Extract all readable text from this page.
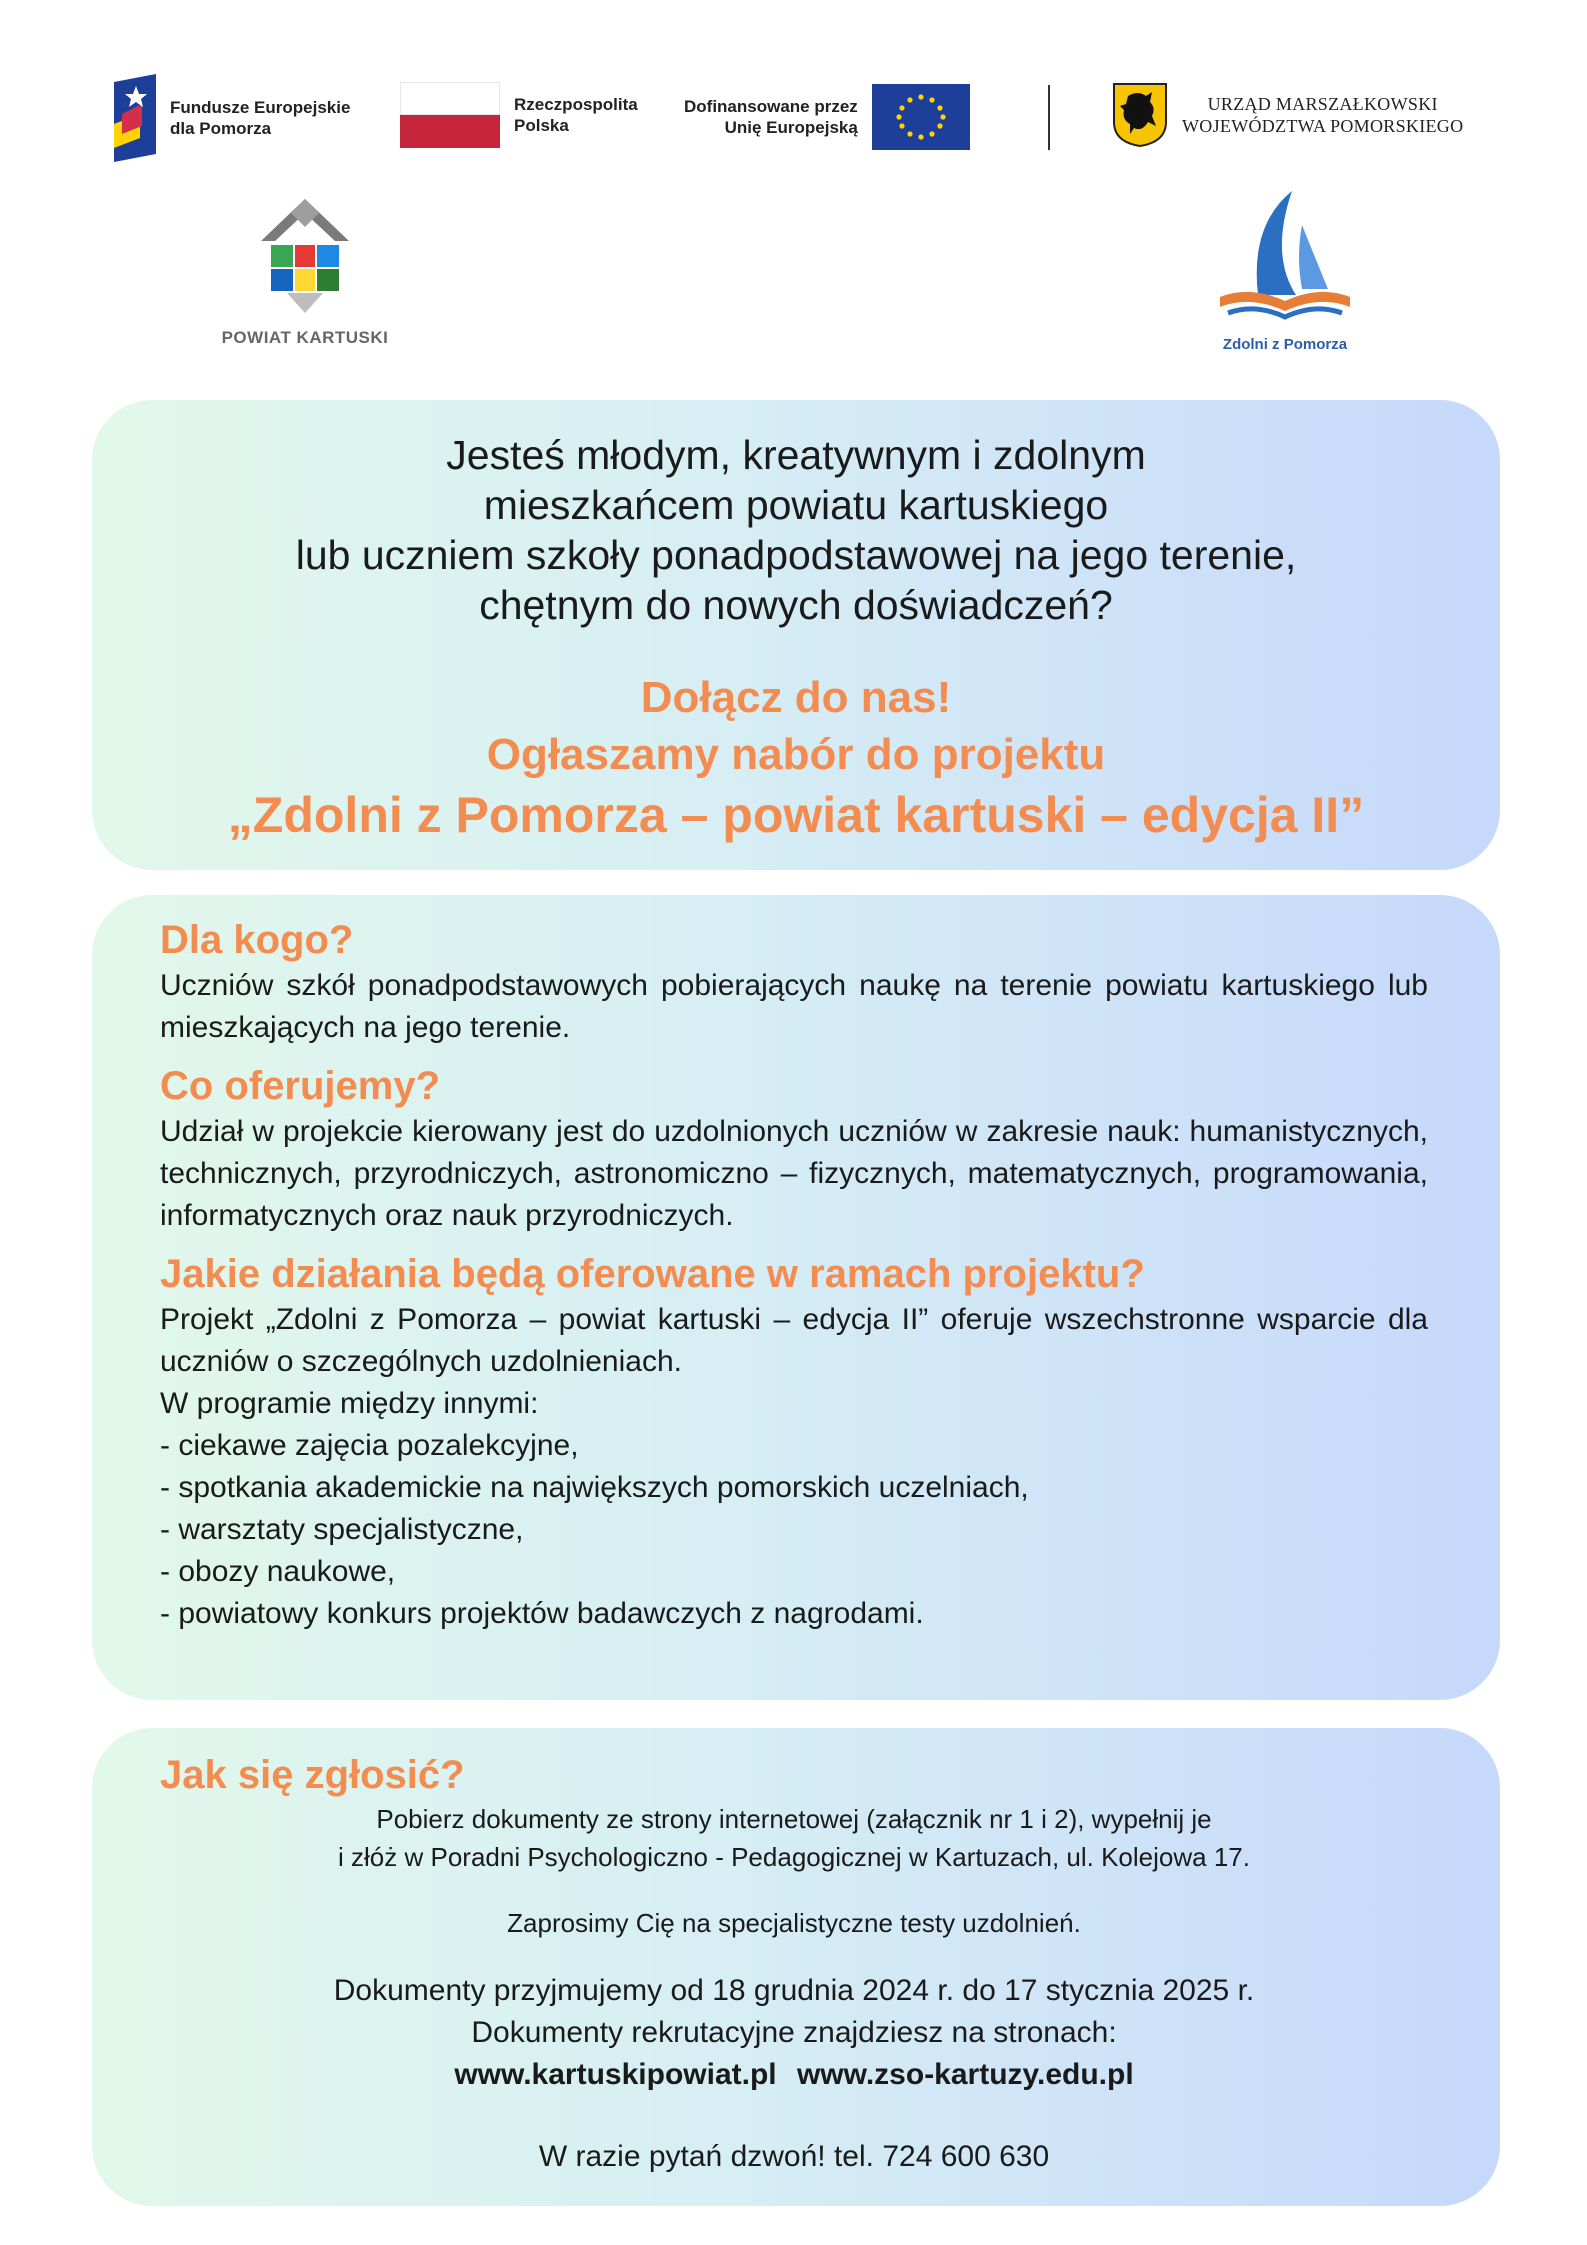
Fundusze Europejskie
dla Pomorza
Rzeczpospolita
Polska
Dofinansowane przez
Unię Europejską
URZĄD MARSZAŁKOWSKI
WOJEWÓDZTWA POMORSKIEGO
POWIAT KARTUSKI	Zdolni z Pomorza
Jesteś młodym, kreatywnym i zdolnym
mieszkańcem powiatu kartuskiego
lub uczniem szkoły ponadpodstawowej na jego terenie,
chętnym do nowych doświadczeń?
Dołącz do nas!
Ogłaszamy nabór do projektu
„Zdolni z Pomorza – powiat kartuski – edycja II”
Dla kogo?
Uczniów szkół ponadpodstawowych pobierających naukę na terenie powiatu kartuskiego lub mieszkających na jego terenie.
Co oferujemy?
Udział w projekcie kierowany jest do uzdolnionych uczniów w zakresie nauk: humanistycznych, technicznych, przyrodniczych, astronomiczno – fizycznych, matematycznych, programowania, informatycznych oraz nauk przyrodniczych.
Jakie działania będą oferowane w ramach projektu?
Projekt „Zdolni z Pomorza – powiat kartuski – edycja II” oferuje wszechstronne wsparcie dla uczniów o szczególnych uzdolnieniach.
W programie między innymi:
- ciekawe zajęcia pozalekcyjne,
- spotkania akademickie na największych pomorskich uczelniach,
- warsztaty specjalistyczne,
- obozy naukowe,
- powiatowy konkurs projektów badawczych z nagrodami.
Jak się zgłosić?
Pobierz dokumenty ze strony internetowej (załącznik nr 1 i 2), wypełnij je
i złóż w Poradni Psychologiczno - Pedagogicznej w Kartuzach, ul. Kolejowa 17.
Zaprosimy Cię na specjalistyczne testy uzdolnień.
Dokumenty przyjmujemy od 18 grudnia 2024 r. do 17 stycznia 2025 r.
Dokumenty rekrutacyjne znajdziesz na stronach:
www.kartuskipowiat.pl www.zso-kartuzy.edu.pl
W razie pytań dzwoń! tel. 724 600 630
